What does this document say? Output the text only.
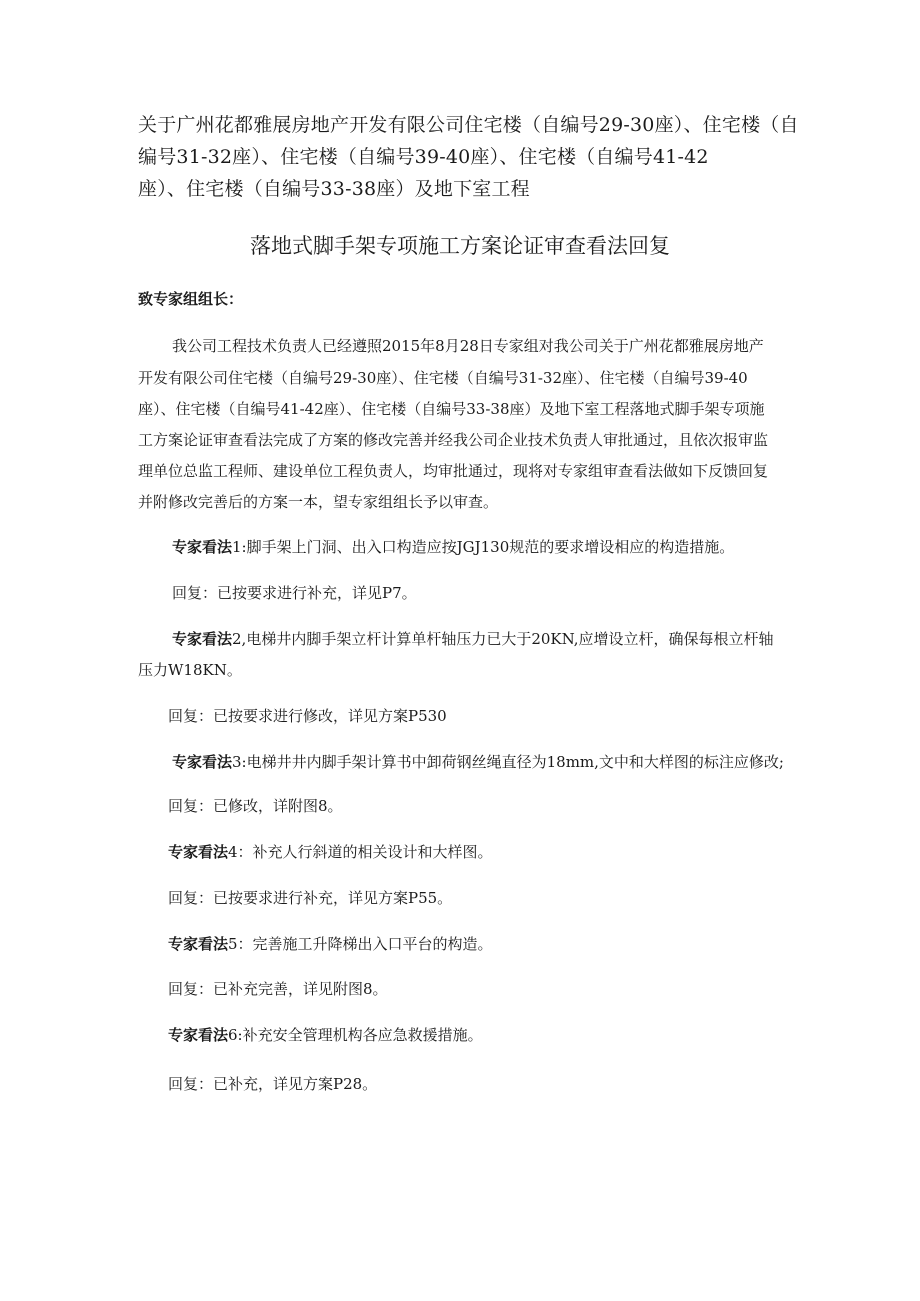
关于广州花都雅展房地产开发有限公司住宅楼（自编号29-30座）、住宅楼（自
编号31-32座）、住宅楼（自编号39-40座）、住宅楼（自编号41-42
座）、住宅楼（自编号33-38座）及地下室工程
落地式脚手架专项施工方案论证审查看法回复
致专家组组长：
我公司工程技术负责人已经遵照2015年8月28日专家组对我公司关于广州花都雅展房地产
开发有限公司住宅楼（自编号29-30座）、住宅楼（自编号31-32座）、住宅楼（自编号39-40
座）、住宅楼（自编号41-42座）、住宅楼（自编号33-38座）及地下室工程落地式脚手架专项施
工方案论证审查看法完成了方案的修改完善并经我公司企业技术负责人审批通过，且依次报审监
理单位总监工程师、建设单位工程负责人，均审批通过，现将对专家组审查看法做如下反馈回复
并附修改完善后的方案一本，望专家组组长予以审查。
专家看法1:脚手架上门洞、出入口构造应按JGJ130规范的要求增设相应的构造措施。
回复：已按要求进行补充，详见P7。
专家看法2,电梯井内脚手架立杆计算单杆轴压力已大于20KN,应增设立杆，确保每根立杆轴
压力W18KN。
回复：已按要求进行修改，详见方案P530
专家看法3:电梯井井内脚手架计算书中卸荷钢丝绳直径为18mm,文中和大样图的标注应修改;
回复：已修改，详附图8。
专家看法4：补充人行斜道的相关设计和大样图。
回复：已按要求进行补充，详见方案P55。
专家看法5：完善施工升降梯出入口平台的构造。
回复：已补充完善，详见附图8。
专家看法6:补充安全管理机构各应急救援措施。
回复：已补充，详见方案P28。
